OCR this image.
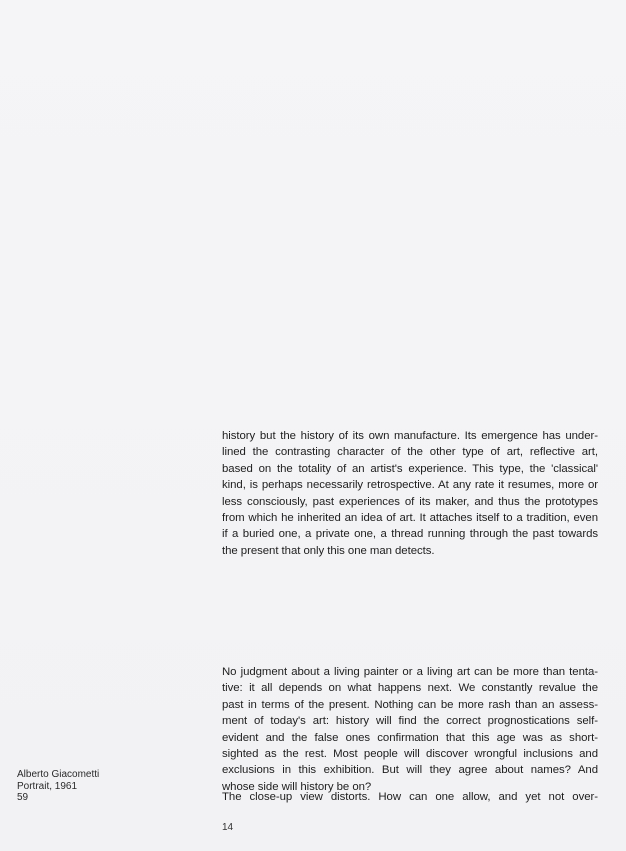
history but the history of its own manufacture. Its emergence has under-
lined the contrasting character of the other type of art, reflective art,
based on the totality of an artist's experience. This type, the 'classical'
kind, is perhaps necessarily retrospective. At any rate it resumes, more or
less consciously, past experiences of its maker, and thus the prototypes
from which he inherited an idea of art. It attaches itself to a tradition, even
if a buried one, a private one, a thread running through the past towards
the present that only this one man detects.
No judgment about a living painter or a living art can be more than tenta-
tive: it all depends on what happens next. We constantly revalue the
past in terms of the present. Nothing can be more rash than an assess-
ment of today's art: history will find the correct prognostications self-
evident and the false ones confirmation that this age was as short-
sighted as the rest. Most people will discover wrongful inclusions and
exclusions in this exhibition. But will they agree about names? And
whose side will history be on?
The close-up view distorts. How can one allow, and yet not over-
Alberto Giacometti
Portrait, 1961
59
14
